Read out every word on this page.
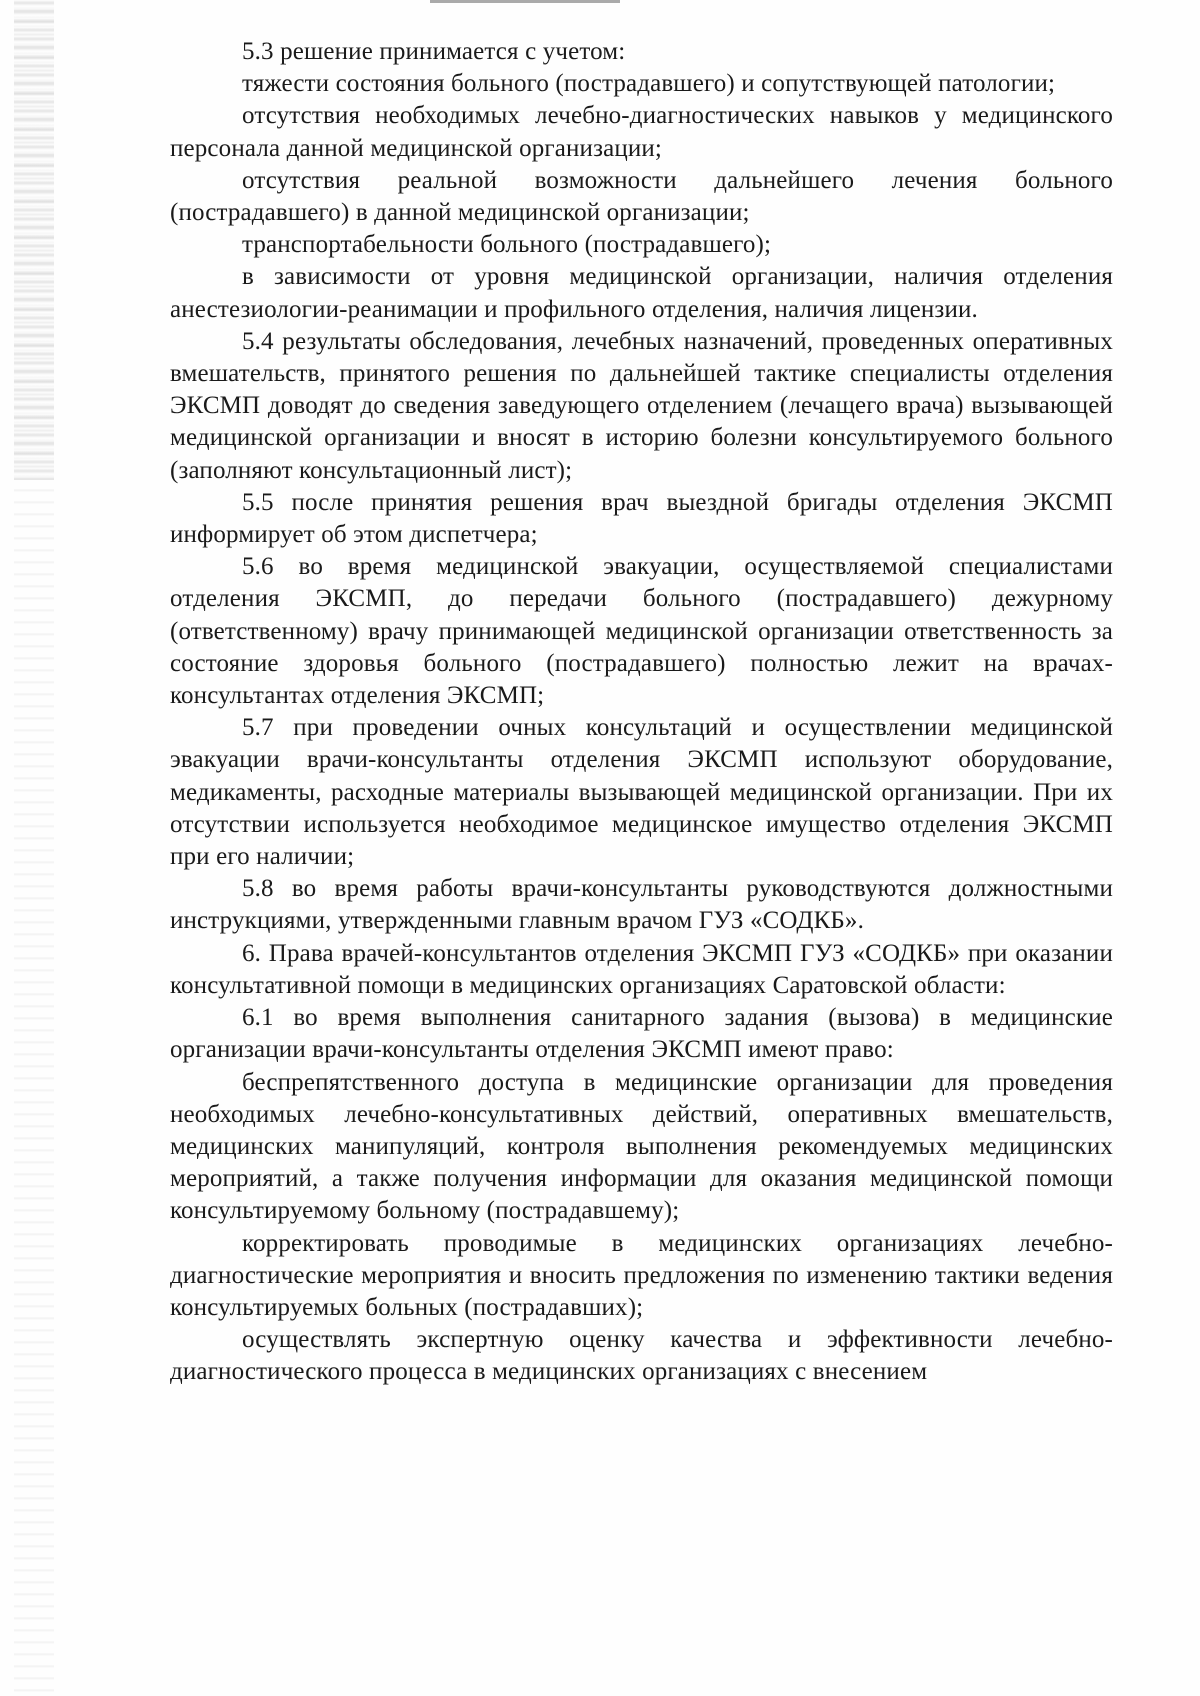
5.3 решение принимается с учетом:

тяжести состояния больного (пострадавшего) и сопутствующей патологии;

отсутствия необходимых лечебно-диагностических навыков у медицинского персонала данной медицинской организации;

отсутствия реальной возможности дальнейшего лечения больного (пострадавшего) в данной медицинской организации;

транспортабельности больного (пострадавшего);

в зависимости от уровня медицинской организации, наличия отделения анестезиологии-реанимации и профильного отделения, наличия лицензии.

5.4 результаты обследования, лечебных назначений, проведенных оперативных вмешательств, принятого решения по дальнейшей тактике специалисты отделения ЭКСМП доводят до сведения заведующего отделением (лечащего врача) вызывающей медицинской организации и вносят в историю болезни консультируемого больного (заполняют консультационный лист);

5.5 после принятия решения врач выездной бригады отделения ЭКСМП информирует об этом диспетчера;

5.6 во время медицинской эвакуации, осуществляемой специалистами отделения ЭКСМП, до передачи больного (пострадавшего) дежурному (ответственному) врачу принимающей медицинской организации ответственность за состояние здоровья больного (пострадавшего) полностью лежит на врачах-консультантах отделения ЭКСМП;

5.7 при проведении очных консультаций и осуществлении медицинской эвакуации врачи-консультанты отделения ЭКСМП используют оборудование, медикаменты, расходные материалы вызывающей медицинской организации. При их отсутствии используется необходимое медицинское имущество отделения ЭКСМП при его наличии;

5.8 во время работы врачи-консультанты руководствуются должностными инструкциями, утвержденными главным врачом ГУЗ «СОДКБ».

6. Права врачей-консультантов отделения ЭКСМП ГУЗ «СОДКБ» при оказании консультативной помощи в медицинских организациях Саратовской области:

6.1 во время выполнения санитарного задания (вызова) в медицинские организации врачи-консультанты отделения ЭКСМП имеют право:

беспрепятственного доступа в медицинские организации для проведения необходимых лечебно-консультативных действий, оперативных вмешательств, медицинских манипуляций, контроля выполнения рекомендуемых медицинских мероприятий, а также получения информации для оказания медицинской помощи консультируемому больному (пострадавшему);

корректировать проводимые в медицинских организациях лечебно-диагностические мероприятия и вносить предложения по изменению тактики ведения консультируемых больных (пострадавших);

осуществлять экспертную оценку качества и эффективности лечебно-диагностического процесса в медицинских организациях с внесением
